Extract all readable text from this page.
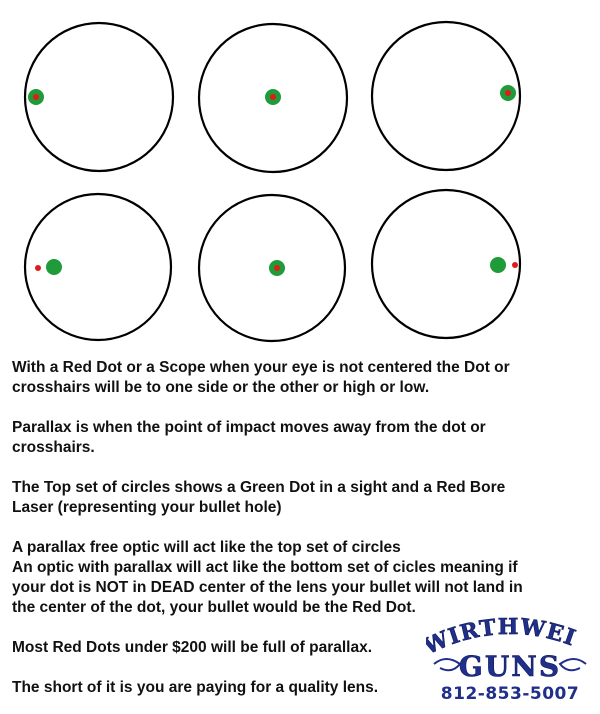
With a Red Dot or a Scope when your eye is not centered the Dot or
crosshairs will be to one side or the other or high or low.

Parallax is when the point of impact moves away from the dot or
crosshairs.

The Top set of circles shows a Green Dot in a sight and a Red Bore
Laser (representing your bullet hole)

A parallax free optic will act like the top set of circles
An optic with parallax will act like the bottom set of cicles meaning if
your dot is NOT in DEAD center of the lens your bullet will not land in
the center of the dot, your bullet would be the Red Dot.

Most Red Dots under $200 will be full of parallax.

The short of it is you are paying for a quality lens.

IRTHWEI
GUNS
812-853-5007
